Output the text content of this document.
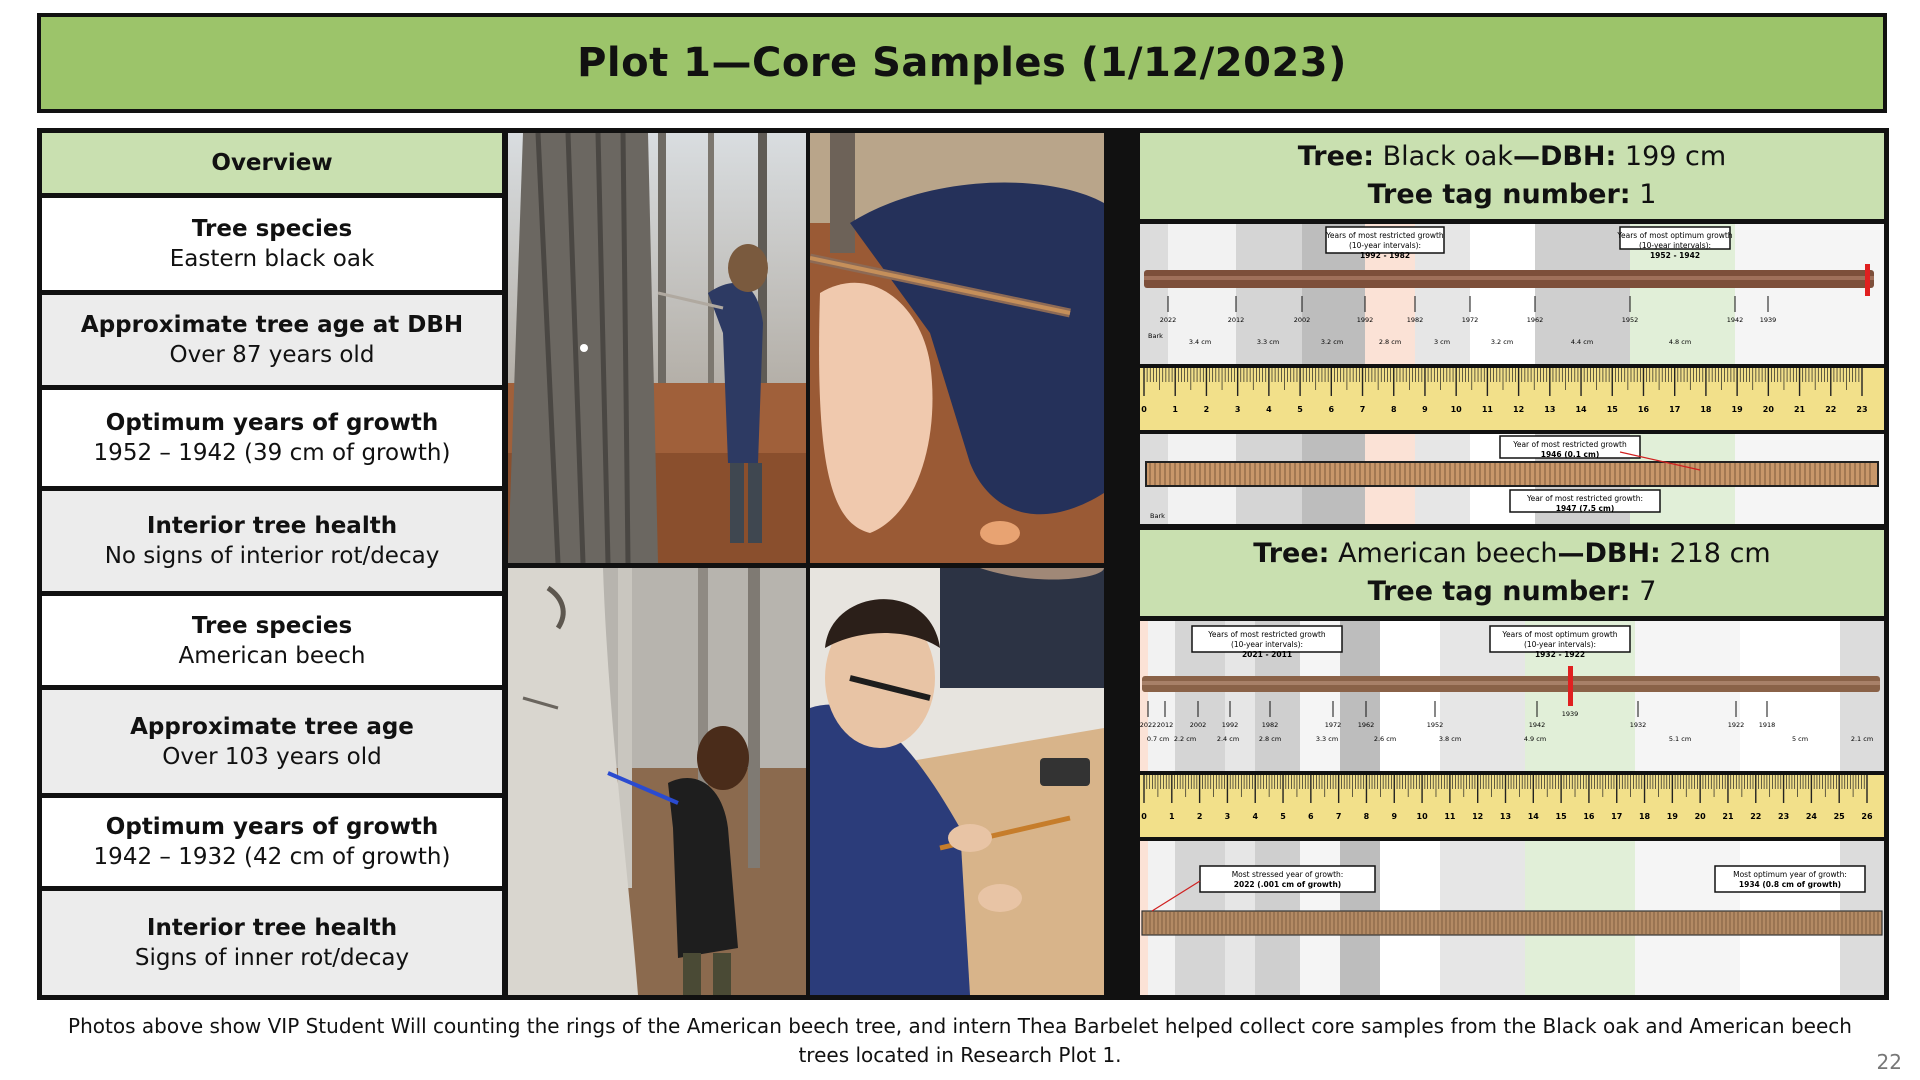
Plot 1—Core Samples (1/12/2023)
Overview
Tree species
Eastern black oak
Approximate tree age at DBH
Over 87 years old
Optimum years of growth
1952 – 1942 (39 cm of growth)
Interior tree health
No signs of interior rot/decay
Tree species
American beech
Approximate tree age
Over 103 years old
Optimum years of growth
1942 – 1932 (42 cm of growth)
Interior tree health
Signs of inner rot/decay
Tree: Black oak—DBH: 199 cm
Tree tag number: 1
Years of most restricted growth
(10-year intervals):
1992 - 1982
Years of most optimum growth
(10-year intervals):
1952 - 1942
2022	2012	2002	1992	1982	1972	1962	1952	1942	1939
Bark
3.4 cm	3.3 cm	3.2 cm	2.8 cm	3 cm	3.2 cm	4.4 cm	4.8 cm
0	1	2	3	4	5	6	7	8	9	10	11	12	13	14	15	16	17	18	19	20	21	22	23
Year of most restricted growth
1946 (0.1 cm)
Year of most restricted growth:
1947 (7.5 cm)
Bark
Tree: American beech—DBH: 218 cm
Tree tag number: 7
1939
Years of most restricted growth
(10-year intervals):
2021 - 2011
Years of most optimum growth
(10-year intervals):
1932 - 1922
2022 2012	2002 1992	1982	1972	1962	1952	1942	1932	1922 1918
0.7 cm 2.2 cm	2.4 cm	2.8 cm	3.3 cm	2.6 cm	3.8 cm	4.9 cm	5.1 cm	5 cm	2.1 cm
0	1	2	3	4	5	6	7	8	9 10 11 12 13 14 15 16 17 18 19 20 21 22 23 24 25 26
Most stressed year of growth:
2022 (.001 cm of growth)
Most optimum year of growth:
1934 (0.8 cm of growth)
Photos above show VIP Student Will counting the rings of the American beech tree, and intern Thea Barbelet helped collect core samples from the Black oak and American beech trees located in Research Plot 1.	22
